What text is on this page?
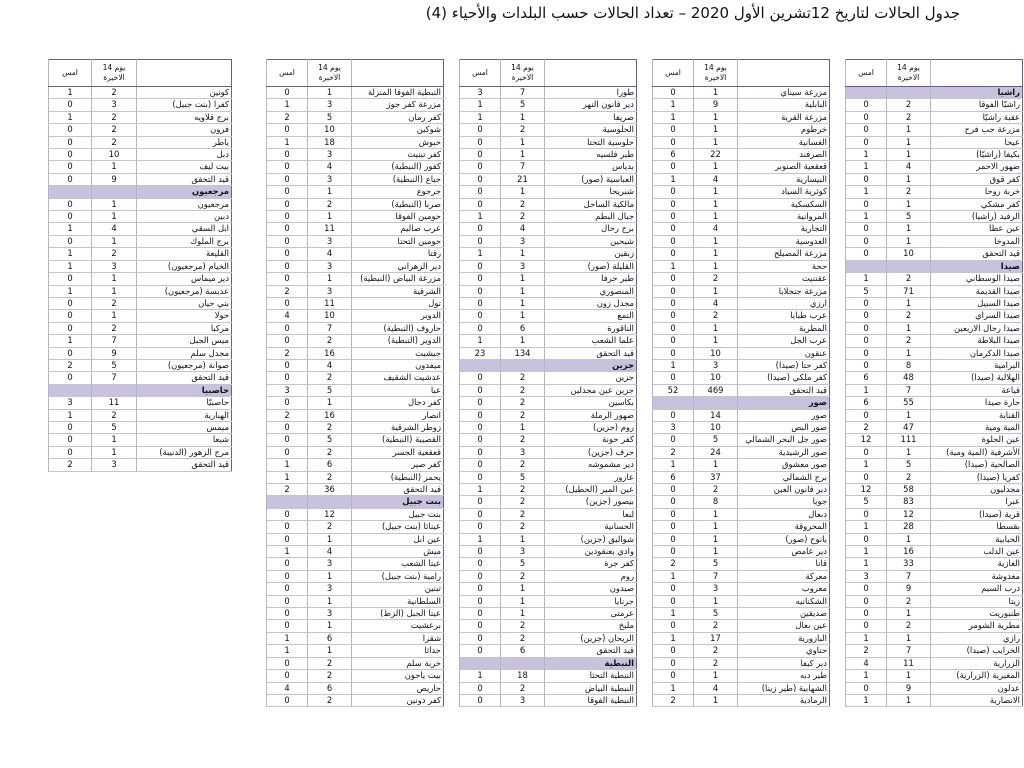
جدول الحالات لتاريخ 12تشرين الأول 2020 – تعداد الحالات حسب البلدات والأحياء (4)
امس	14 يوم الاخيرة	
		راشيا
0	2	راشيّا الفوقا
0	2	عقبة راشيّا
0	1	مزرعة جب فرح
0	1	عيحا
1	1	بكيفا (راشيّا)
1	4	ضهور الاحمر
0	1	كفر قوق
1	2	خربة روحا
0	1	كفر مشكي
1	5	الرفيد (راشيا)
0	1	عين عطا
0	1	المدوخا
0	10	قيد التحقق
		صيدا
1	2	صيدا الوسطاني
5	71	صيدا القديمة
0	1	صيدا السبيل
0	2	صيدا السراي
0	1	صيدا رجال الاربعين
0	2	صيدا البلاطة
0	1	صيدا الدكرمان
0	8	البرامية
6	48	الهلالية (صيدا)
1	7	قياعة
6	55	حارة صيدا
0	1	القناية
2	47	المية ومية
12	111	عين الحلوة
0	1	الأشرفية (المية ومية)
1	5	الصالحية (صيدا)
0	2	كفريا (صيدا)
12	58	مجدليون
5	83	عبرا
0	12	قرية (صيدا)
1	28	بقسطا
0	1	الحبابية
1	16	عين الدلب
1	33	الغازية
3	7	مغدوشة
0	9	درب السيم
0	2	زيتا
0	1	طنبوريت
0	2	مطرية الشومر
1	1	رازي
2	7	الخرايب (صيدا)
4	11	الزرارية
1	1	المغيرية (الزرارية)
0	9	عدلون
1	1	الانصارية
امس	14 يوم الاخيرة	
0	1	مزرعة سيناي
1	9	البابلية
1	1	مزرعة القرية
0	1	خرطوم
0	1	الغسانية
6	22	الصرفند
0	1	قعقعية الصنوبر
1	4	البيسارية
0	1	كوثرية السياد
0	1	السكسكية
0	1	المروانية
0	4	التجارية
0	1	العدوسية
0	1	مزرعة المصيلح
1	1	ححة
0	2	عقتنيت
0	1	مزرعة جنجلايا
0	4	ارزي
0	2	عرب طبايا
0	1	المطرية
0	1	عرب الجل
0	10	عنقون
1	3	كفر حتا (صيدا)
0	10	كفر ملكي (صيدا)
52	469	قيد التحقق
		صور
0	14	صور
3	10	صور البص
0	5	صور جل البحر الشمالي
2	24	صور الرشيدية
1	1	صور معشوق
6	37	برج الشمالي
0	2	دير قانون العين
0	8	جويا
0	1	دبعال
0	1	المحروقة
0	1	يانوح (صور)
0	1	دير عامص
2	5	قانا
1	7	معركة
0	3	معروب
0	1	الشكنانيه
1	5	صديقين
0	2	عين بعال
1	17	البازورية
0	2	حناوي
0	2	دير كيفا
0	1	طير دبه
1	4	الشهابية (طير زينا)
2	1	الرمادية
امس	14 يوم الاخيرة	
3	7	طورا
1	5	دير قانون النهر
1	1	صريفا
0	2	الحلوسية
0	1	حلوسية التحتا
0	1	طير فلسيه
0	7	بدياس
0	21	العباسية (صور)
0	1	شبريحا
0	2	مالكية الساحل
1	2	جبال البطم
0	4	برج رحال
0	3	شيحين
1	1	زبقين
0	3	القليلة (صور)
0	1	طير حرفا
0	1	المنصوري
0	1	مجدل زون
0	1	النمع
0	6	الناقورة
1	1	علما الشعب
23	134	قيد التحقق
		جزين
0	2	جزين
0	2	جزين عين مجدلين
0	2	بكاسين
0	2	ضهور الرملة
0	1	روم (جزين)
0	2	كفر حونة
0	3	حرف (جزين)
0	2	دير مشموشه
0	5	عازور
1	2	عين المير (الحطيل)
0	2	بيصور (جزين)
0	2	لبعا
0	2	الحسانية
1	1	شواليق (جزين)
0	3	وادي بعنقودين
0	5	كفر جرة
0	2	روم
0	1	صيدون
0	1	جرنايا
0	1	عرمتى
0	2	مليخ
0	2	الريحان (جزين)
0	6	قيد التحقق
		النبطية
1	18	النبطية التحتا
0	2	النبطية البياض
0	3	النبطية الفوقا
امس	14 يوم الاخيرة	
0	1	النبطية الفوقا المنزلة
1	3	مزرعة كفر جوز
2	5	كفر رمان
0	10	شوكين
1	18	حبوش
0	3	كفر تبنيت
0	4	كفور (النبطية)
0	3	جباع (النبطية)
0	1	جرجوع
0	2	صربا (النبطية)
0	1	حومين الفوقا
0	11	عرب صاليم
0	3	حومين التحتا
0	4	رقتا
0	3	دير الزهراني
0	1	مزرعة البياض (النبطية)
2	3	الشرقية
0	11	تول
4	10	الدوير
0	7	حاروف (النبطية)
0	2	الدوير (النبطية)
2	16	جبشيت
0	4	ميفدون
0	2	عدشيت الشقيف
3	5	عبا
0	1	كفر دجال
2	16	انصار
0	2	زوطر الشرقية
0	5	القصيبة (النبطية)
0	2	قعقعية الجسر
1	6	كفر صير
1	2	يحمر (النبطية)
2	36	قيد التحقق
		بنت جبيل
0	12	بنت جبيل
0	2	عيناثا (بنت جبيل)
0	1	عين ابل
1	4	ميش
0	3	عيتا الشعب
0	1	رامية (بنت جبيل)
0	3	تبنين
0	1	السلطانية
0	3	عيتا الجبل (الزط)
0	1	برعشيت
1	6	شقرا
1	1	حداثا
0	2	خربة سلم
0	2	بيت ياحون
4	6	حاريص
0	2	كفر دونين
امس	14 يوم الاخيرة	
1	2	كونين
0	3	كفرا (بنت جبيل)
1	2	برج قلاويه
0	2	فرون
0	2	ياطر
0	10	دبل
0	1	بيت ليف
0	9	قيد التحقق
		مرجعيون
0	1	مرجعيون
0	1	دبين
1	4	ابل السقي
0	1	برج الملوك
1	2	القليعة
1	3	الخيام (مرجعيون)
0	1	دير ميماس
1	1	عديسة (مرجعيون)
0	2	بني حيان
0	1	حولا
0	2	مركبا
1	7	ميس الجبل
0	9	مجدل سلم
2	5	صوانة (مرجعيون)
0	7	قيد التحقق
		حاصبيا
3	11	حاصبيّا
1	2	الهبارية
0	5	ميمس
0	1	شبعا
0	1	مرج الزهور (الدنيبة)
2	3	قيد التحقق
